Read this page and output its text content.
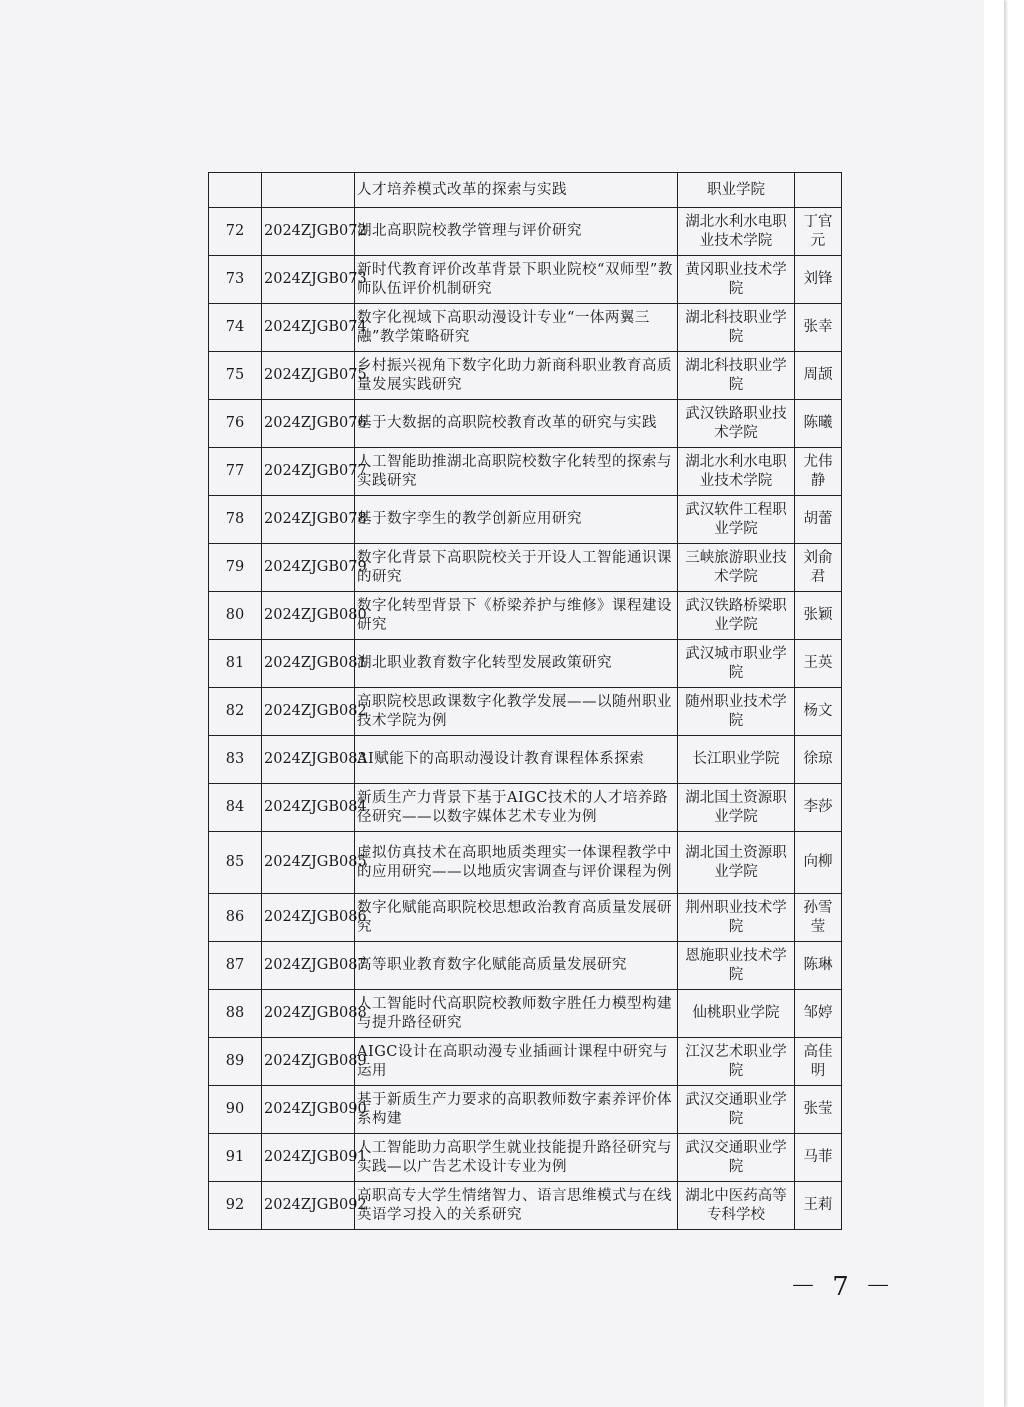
		人才培养模式改革的探索与实践	职业学院	
72	2024ZJGB072	湖北高职院校教学管理与评价研究	湖北水利水电职业技术学院	丁官元
73	2024ZJGB073	新时代教育评价改革背景下职业院校“双师型”教师队伍评价机制研究	黄冈职业技术学院	刘锋
74	2024ZJGB074	数字化视域下高职动漫设计专业“一体两翼三融”教学策略研究	湖北科技职业学院	张幸
75	2024ZJGB075	乡村振兴视角下数字化助力新商科职业教育高质量发展实践研究	湖北科技职业学院	周颉
76	2024ZJGB076	基于大数据的高职院校教育改革的研究与实践	武汉铁路职业技术学院	陈曦
77	2024ZJGB077	人工智能助推湖北高职院校数字化转型的探索与实践研究	湖北水利水电职业技术学院	尤伟静
78	2024ZJGB078	基于数字孪生的教学创新应用研究	武汉软件工程职业学院	胡蕾
79	2024ZJGB079	数字化背景下高职院校关于开设人工智能通识课的研究	三峡旅游职业技术学院	刘俞君
80	2024ZJGB080	数字化转型背景下《桥梁养护与维修》课程建设研究	武汉铁路桥梁职业学院	张颖
81	2024ZJGB081	湖北职业教育数字化转型发展政策研究	武汉城市职业学院	王英
82	2024ZJGB082	高职院校思政课数字化教学发展——以随州职业技术学院为例	随州职业技术学院	杨文
83	2024ZJGB083	AI赋能下的高职动漫设计教育课程体系探索	长江职业学院	徐琼
84	2024ZJGB084	新质生产力背景下基于AIGC技术的人才培养路径研究——以数字媒体艺术专业为例	湖北国土资源职业学院	李莎
85	2024ZJGB085	虚拟仿真技术在高职地质类理实一体课程教学中的应用研究——以地质灾害调查与评价课程为例	湖北国土资源职业学院	向柳
86	2024ZJGB086	数字化赋能高职院校思想政治教育高质量发展研究	荆州职业技术学院	孙雪莹
87	2024ZJGB087	高等职业教育数字化赋能高质量发展研究	恩施职业技术学院	陈琳
88	2024ZJGB088	人工智能时代高职院校教师数字胜任力模型构建与提升路径研究	仙桃职业学院	邹婷
89	2024ZJGB089	AIGC设计在高职动漫专业插画计课程中研究与运用	江汉艺术职业学院	高佳明
90	2024ZJGB090	基于新质生产力要求的高职教师数字素养评价体系构建	武汉交通职业学院	张莹
91	2024ZJGB091	人工智能助力高职学生就业技能提升路径研究与实践—以广告艺术设计专业为例	武汉交通职业学院	马菲
92	2024ZJGB092	高职高专大学生情绪智力、语言思维模式与在线英语学习投入的关系研究	湖北中医药高等专科学校	王莉
－ 7 －
